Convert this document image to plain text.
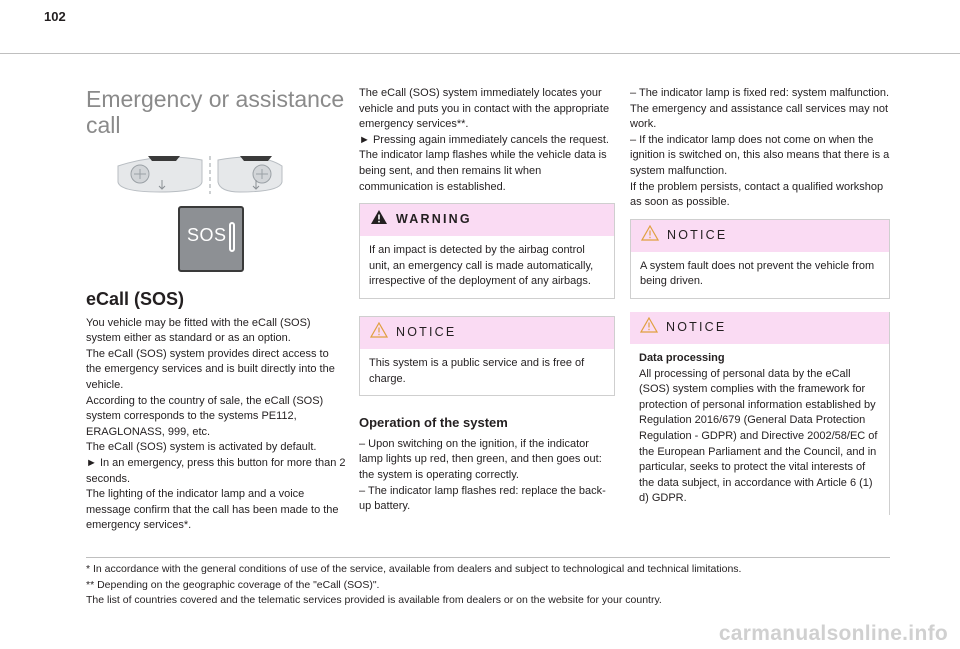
102
Emergency or assistance call
SOS
eCall (SOS)

You vehicle may be fitted with the eCall (SOS) system either as standard or as an option.
The eCall (SOS) system provides direct access to the emergency services and is built directly into the vehicle.
According to the country of sale, the eCall (SOS) system corresponds to the systems PE112, ERAGLONASS, 999, etc.
The eCall (SOS) system is activated by default.
► In an emergency, press this button for more than 2 seconds.
The lighting of the indicator lamp and a voice message confirm that the call has been made to the emergency services*.

The eCall (SOS) system immediately locates your vehicle and puts you in contact with the appropriate emergency services**.
► Pressing again immediately cancels the request.
The indicator lamp flashes while the vehicle data is being sent, and then remains lit when communication is established.

WARNING
If an impact is detected by the airbag control unit, an emergency call is made automatically, irrespective of the deployment of any airbags.
NOTICE
This system is a public service and is free of charge.
Operation of the system

– Upon switching on the ignition, if the indicator lamp lights up red, then green, and then goes out: the system is operating correctly.
– The indicator lamp flashes red: replace the back-up battery.

– The indicator lamp is fixed red: system malfunction. The emergency and assistance call services may not work.
– If the indicator lamp does not come on when the ignition is switched on, this also means that there is a system malfunction.
If the problem persists, contact a qualified workshop as soon as possible.

NOTICE
A system fault does not prevent the vehicle from being driven.
NOTICE
Data processing
All processing of personal data by the eCall (SOS) system complies with the framework for protection of personal information established by Regulation 2016/679 (General Data Protection Regulation - GDPR) and Directive 2002/58/EC of the European Parliament and the Council, and in particular, seeks to protect the vital interests of the data subject, in accordance with Article 6 (1) d) GDPR.
* In accordance with the general conditions of use of the service, available from dealers and subject to technological and technical limitations.
** Depending on the geographic coverage of the "eCall (SOS)".
The list of countries covered and the telematic services provided is available from dealers or on the website for your country.
carmanualsonline.info
